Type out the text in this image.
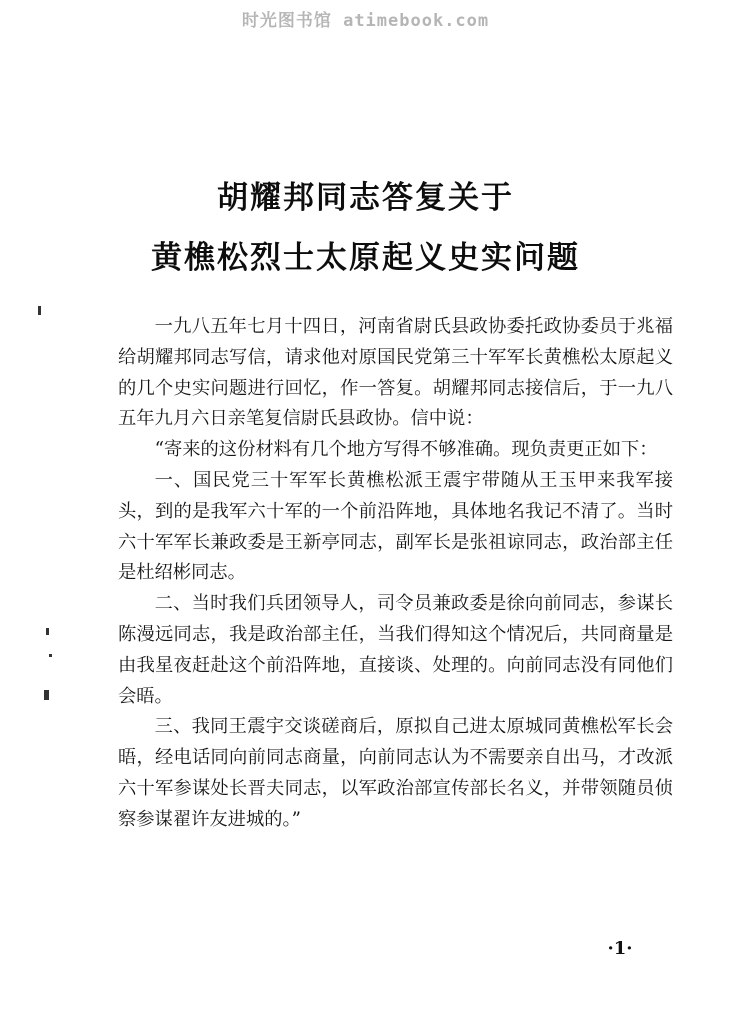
时光图书馆 atimebook.com
胡耀邦同志答复关于
黄樵松烈士太原起义史实问题

一九八五年七月十四日，河南省尉氏县政协委托政协委员于兆福给胡耀邦同志写信，请求他对原国民党第三十军军长黄樵松太原起义的几个史实问题进行回忆，作一答复。胡耀邦同志接信后，于一九八五年九月六日亲笔复信尉氏县政协。信中说：

“寄来的这份材料有几个地方写得不够准确。现负责更正如下：

一、国民党三十军军长黄樵松派王震宇带随从王玉甲来我军接头，到的是我军六十军的一个前沿阵地，具体地名我记不清了。当时六十军军长兼政委是王新亭同志，副军长是张祖谅同志，政治部主任是杜绍彬同志。

二、当时我们兵团领导人，司令员兼政委是徐向前同志，参谋长陈漫远同志，我是政治部主任，当我们得知这个情况后，共同商量是由我星夜赶赴这个前沿阵地，直接谈、处理的。向前同志没有同他们会晤。

三、我同王震宇交谈磋商后，原拟自己进太原城同黄樵松军长会晤，经电话同向前同志商量，向前同志认为不需要亲自出马，才改派六十军参谋处长晋夫同志，以军政治部宣传部长名义，并带领随员侦察参谋翟许友进城的。”

·1·
